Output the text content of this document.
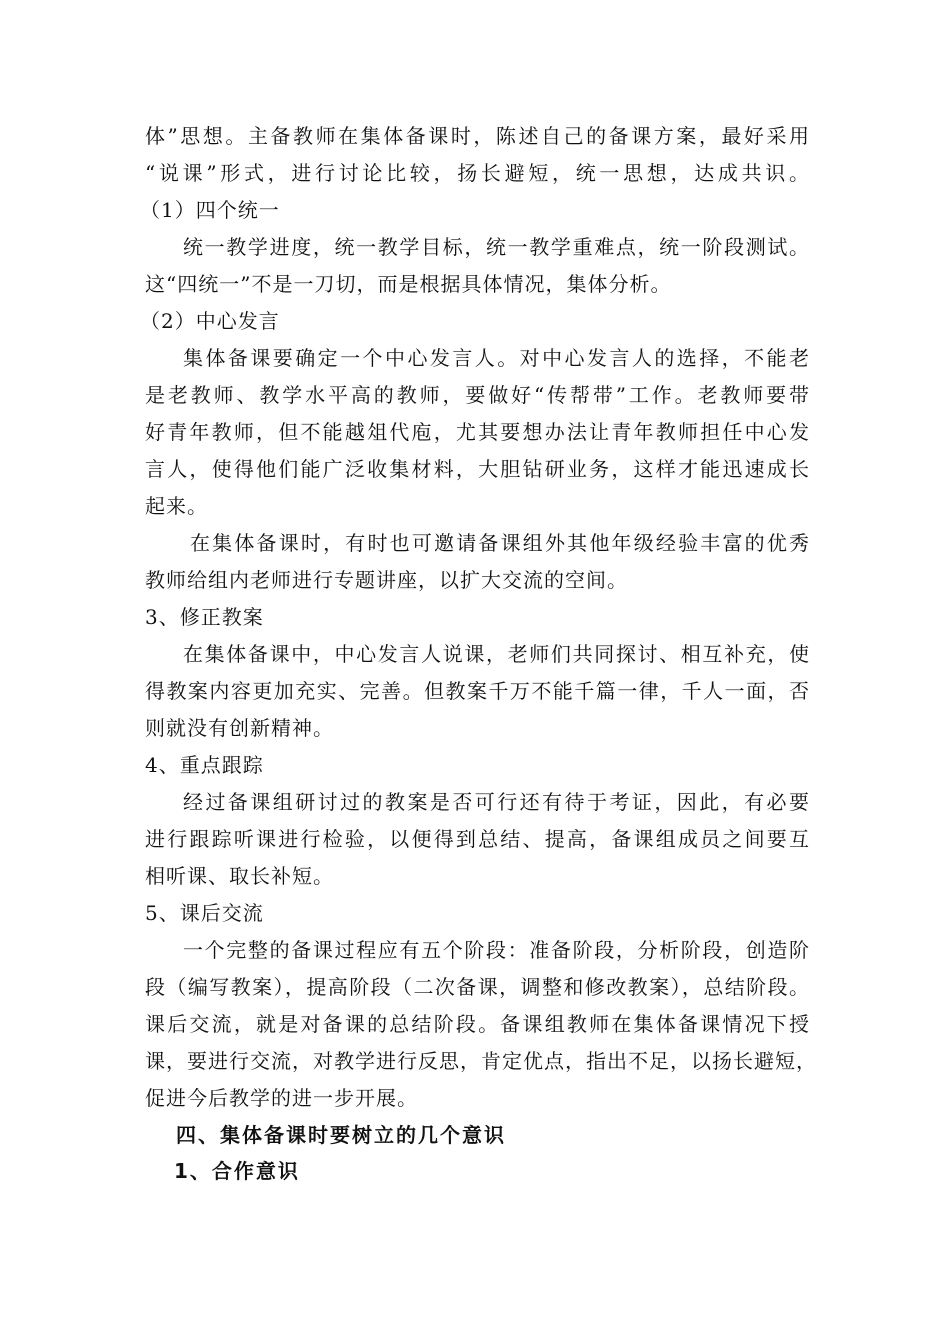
体”思想。主备教师在集体备课时，陈述自己的备课方案，最好采用
“说课”形式，进行讨论比较，扬长避短，统一思想，达成共识。
（1）四个统一
统一教学进度，统一教学目标，统一教学重难点，统一阶段测试。
这“四统一”不是一刀切，而是根据具体情况，集体分析。
（2）中心发言
集体备课要确定一个中心发言人。对中心发言人的选择，不能老
是老教师、教学水平高的教师，要做好“传帮带”工作。老教师要带
好青年教师，但不能越俎代庖，尤其要想办法让青年教师担任中心发
言人，使得他们能广泛收集材料，大胆钻研业务，这样才能迅速成长
起来。
在集体备课时，有时也可邀请备课组外其他年级经验丰富的优秀
教师给组内老师进行专题讲座，以扩大交流的空间。
3、修正教案
在集体备课中，中心发言人说课，老师们共同探讨、相互补充，使
得教案内容更加充实、完善。但教案千万不能千篇一律，千人一面，否
则就没有创新精神。
4、重点跟踪
经过备课组研讨过的教案是否可行还有待于考证，因此，有必要
进行跟踪听课进行检验，以便得到总结、提高，备课组成员之间要互
相听课、取长补短。
5、课后交流
一个完整的备课过程应有五个阶段：准备阶段，分析阶段，创造阶
段（编写教案），提高阶段（二次备课，调整和修改教案），总结阶段。
课后交流，就是对备课的总结阶段。备课组教师在集体备课情况下授
课，要进行交流，对教学进行反思，肯定优点，指出不足，以扬长避短，
促进今后教学的进一步开展。
四、集体备课时要树立的几个意识
1、合作意识
